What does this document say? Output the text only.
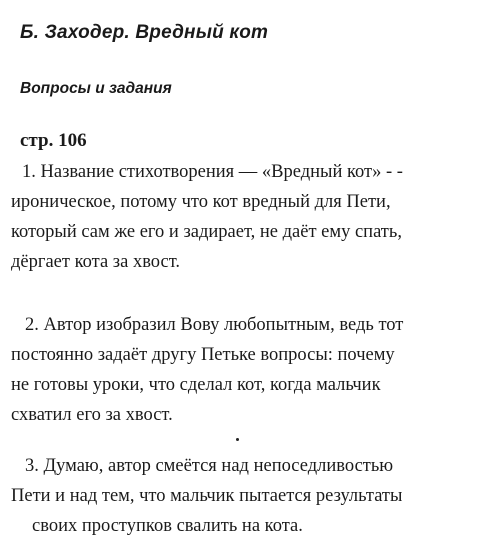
Б. Заходер. Вредный кот
Вопросы и задания
стр. 106
1. Название стихотворения — «Вредный кот» - -
ироническое, потому что кот вредный для Пети,
который сам же его и задирает, не даёт ему спать,
дёргает кота за хвост.
2. Автор изобразил Вову любопытным, ведь тот
постоянно задаёт другу Петьке вопросы: почему
не готовы уроки, что сделал кот, когда мальчик
схватил его за хвост.
3. Думаю, автор смеётся над непоседливостью
Пети и над тем, что мальчик пытается результаты
своих проступков свалить на кота.
